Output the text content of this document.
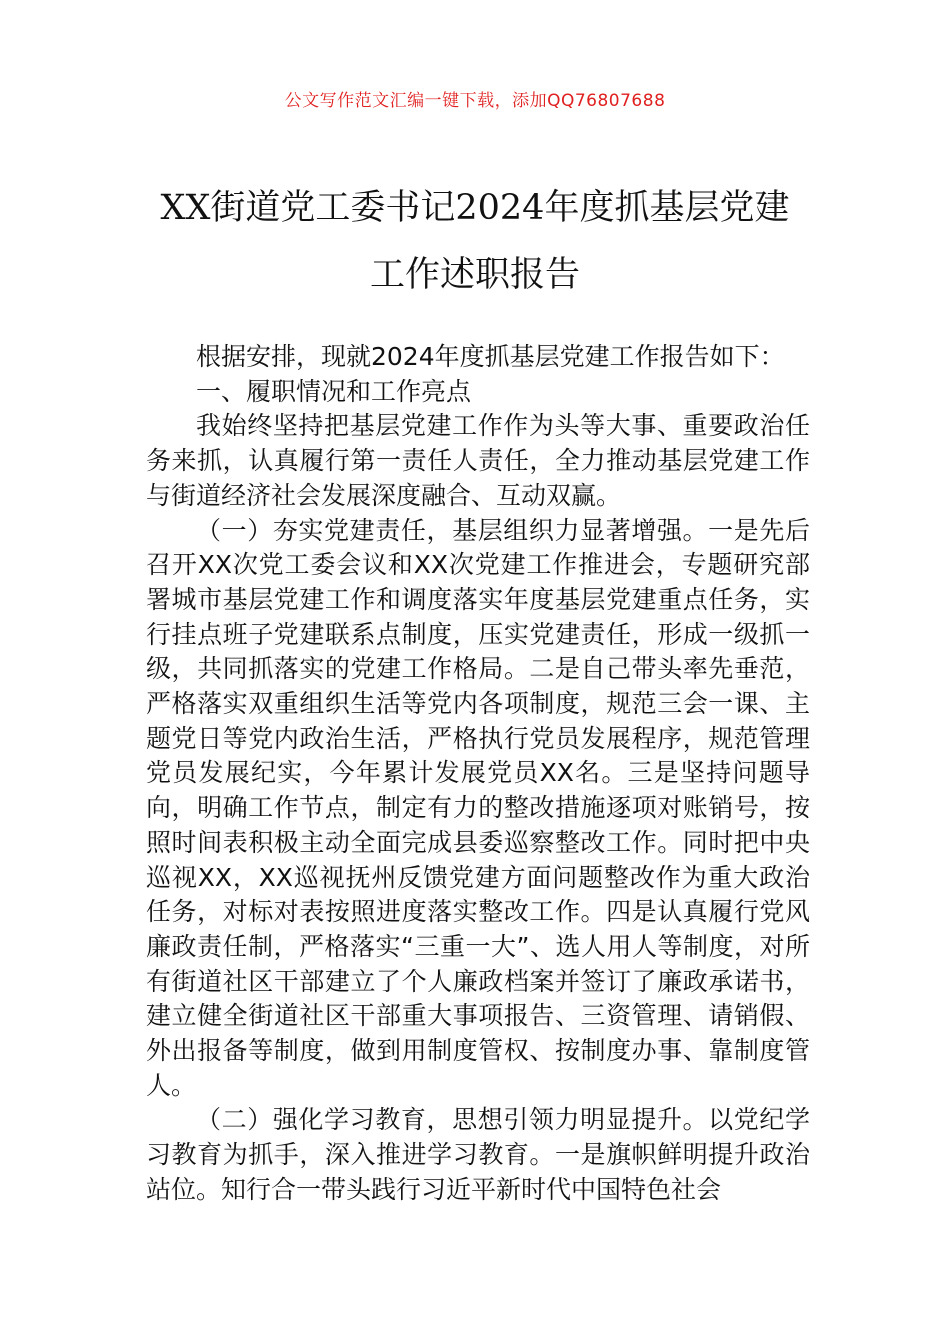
公文写作范文汇编一键下载，添加QQ76807688
XX街道党工委书记2024年度抓基层党建
工作述职报告

根据安排，现就2024年度抓基层党建工作报告如下：

一、履职情况和工作亮点

我始终坚持把基层党建工作作为头等大事、重要政治任务来抓，认真履行第一责任人责任，全力推动基层党建工作与街道经济社会发展深度融合、互动双赢。

（一）夯实党建责任，基层组织力显著增强。一是先后召开XX次党工委会议和XX次党建工作推进会，专题研究部署城市基层党建工作和调度落实年度基层党建重点任务，实行挂点班子党建联系点制度，压实党建责任，形成一级抓一级，共同抓落实的党建工作格局。二是自己带头率先垂范，严格落实双重组织生活等党内各项制度，规范三会一课、主题党日等党内政治生活，严格执行党员发展程序，规范管理党员发展纪实，今年累计发展党员XX名。三是坚持问题导向，明确工作节点，制定有力的整改措施逐项对账销号，按照时间表积极主动全面完成县委巡察整改工作。同时把中央巡视XX，XX巡视抚州反馈党建方面问题整改作为重大政治任务，对标对表按照进度落实整改工作。四是认真履行党风廉政责任制，严格落实“三重一大”、选人用人等制度，对所有街道社区干部建立了个人廉政档案并签订了廉政承诺书，建立健全街道社区干部重大事项报告、三资管理、请销假、外出报备等制度，做到用制度管权、按制度办事、靠制度管人。

（二）强化学习教育，思想引领力明显提升。以党纪学习教育为抓手，深入推进学习教育。一是旗帜鲜明提升政治站位。知行合一带头践行习近平新时代中国特色社会
